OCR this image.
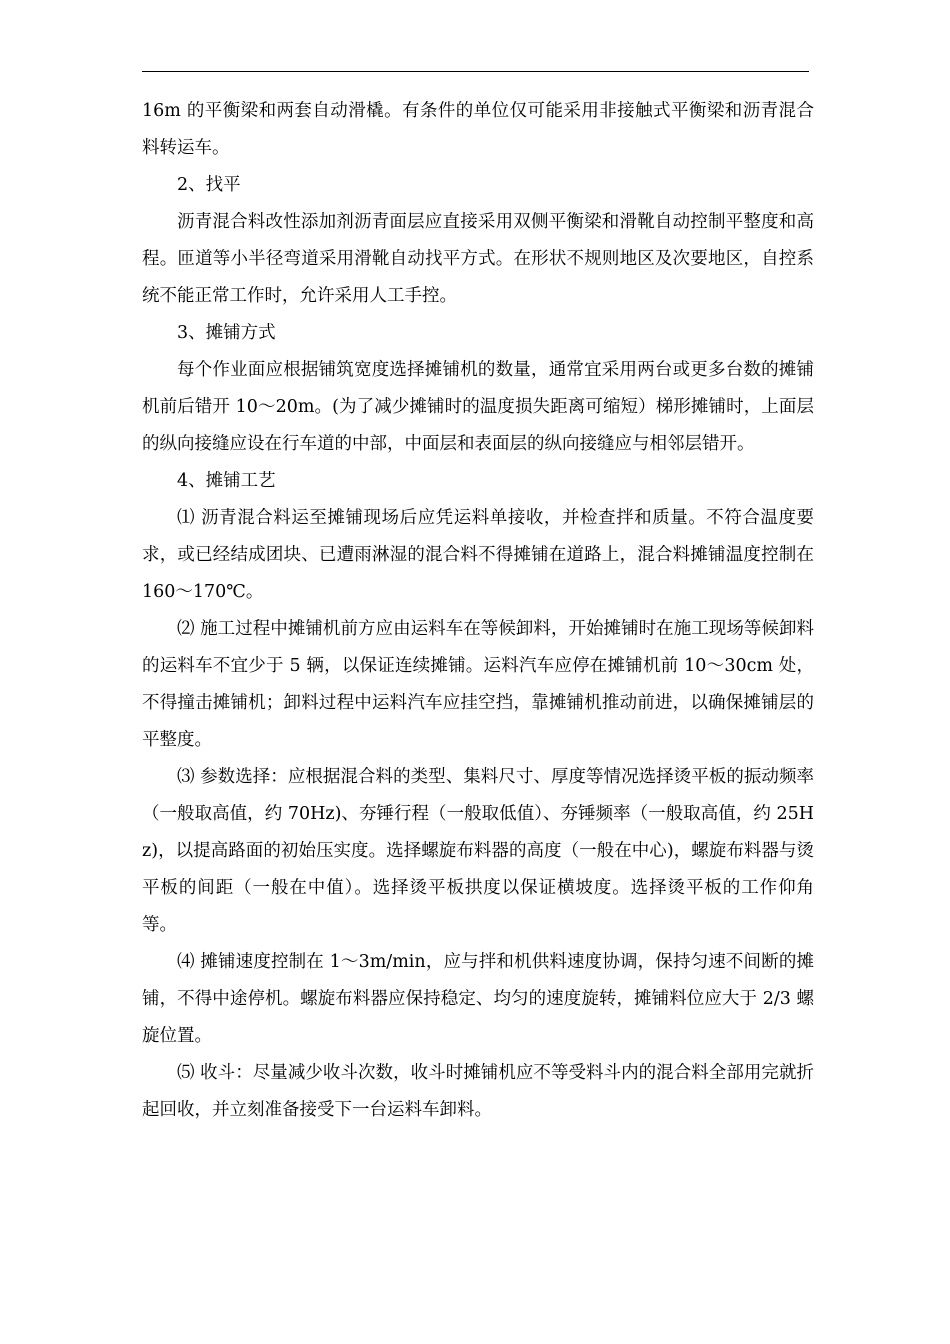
16m 的平衡梁和两套自动滑橇。有条件的单位仅可能采用非接触式平衡梁和沥青混合料转运车。

2、找平

沥青混合料改性添加剂沥青面层应直接采用双侧平衡梁和滑靴自动控制平整度和高程。匝道等小半径弯道采用滑靴自动找平方式。在形状不规则地区及次要地区，自控系统不能正常工作时，允许采用人工手控。

3、摊铺方式

每个作业面应根据铺筑宽度选择摊铺机的数量，通常宜采用两台或更多台数的摊铺机前后错开 10～20m。(为了减少摊铺时的温度损失距离可缩短）梯形摊铺时，上面层的纵向接缝应设在行车道的中部，中面层和表面层的纵向接缝应与相邻层错开。

4、摊铺工艺

⑴ 沥青混合料运至摊铺现场后应凭运料单接收，并检查拌和质量。不符合温度要求，或已经结成团块、已遭雨淋湿的混合料不得摊铺在道路上，混合料摊铺温度控制在 160～170℃。

⑵ 施工过程中摊铺机前方应由运料车在等候卸料，开始摊铺时在施工现场等候卸料的运料车不宜少于 5 辆，以保证连续摊铺。运料汽车应停在摊铺机前 10～30cm 处，不得撞击摊铺机；卸料过程中运料汽车应挂空挡，靠摊铺机推动前进，以确保摊铺层的平整度。

⑶ 参数选择：应根据混合料的类型、集料尺寸、厚度等情况选择烫平板的振动频率（一般取高值，约 70Hz)、夯锤行程（一般取低值）、夯锤频率（一般取高值，约 25Hz)，以提高路面的初始压实度。选择螺旋布料器的高度（一般在中心)，螺旋布料器与烫平板的间距（一般在中值）。选择烫平板拱度以保证横坡度。选择烫平板的工作仰角等。

⑷ 摊铺速度控制在 1～3m/min，应与拌和机供料速度协调，保持匀速不间断的摊铺，不得中途停机。螺旋布料器应保持稳定、均匀的速度旋转，摊铺料位应大于 2/3 螺旋位置。

⑸ 收斗：尽量减少收斗次数，收斗时摊铺机应不等受料斗内的混合料全部用完就折起回收，并立刻准备接受下一台运料车卸料。
